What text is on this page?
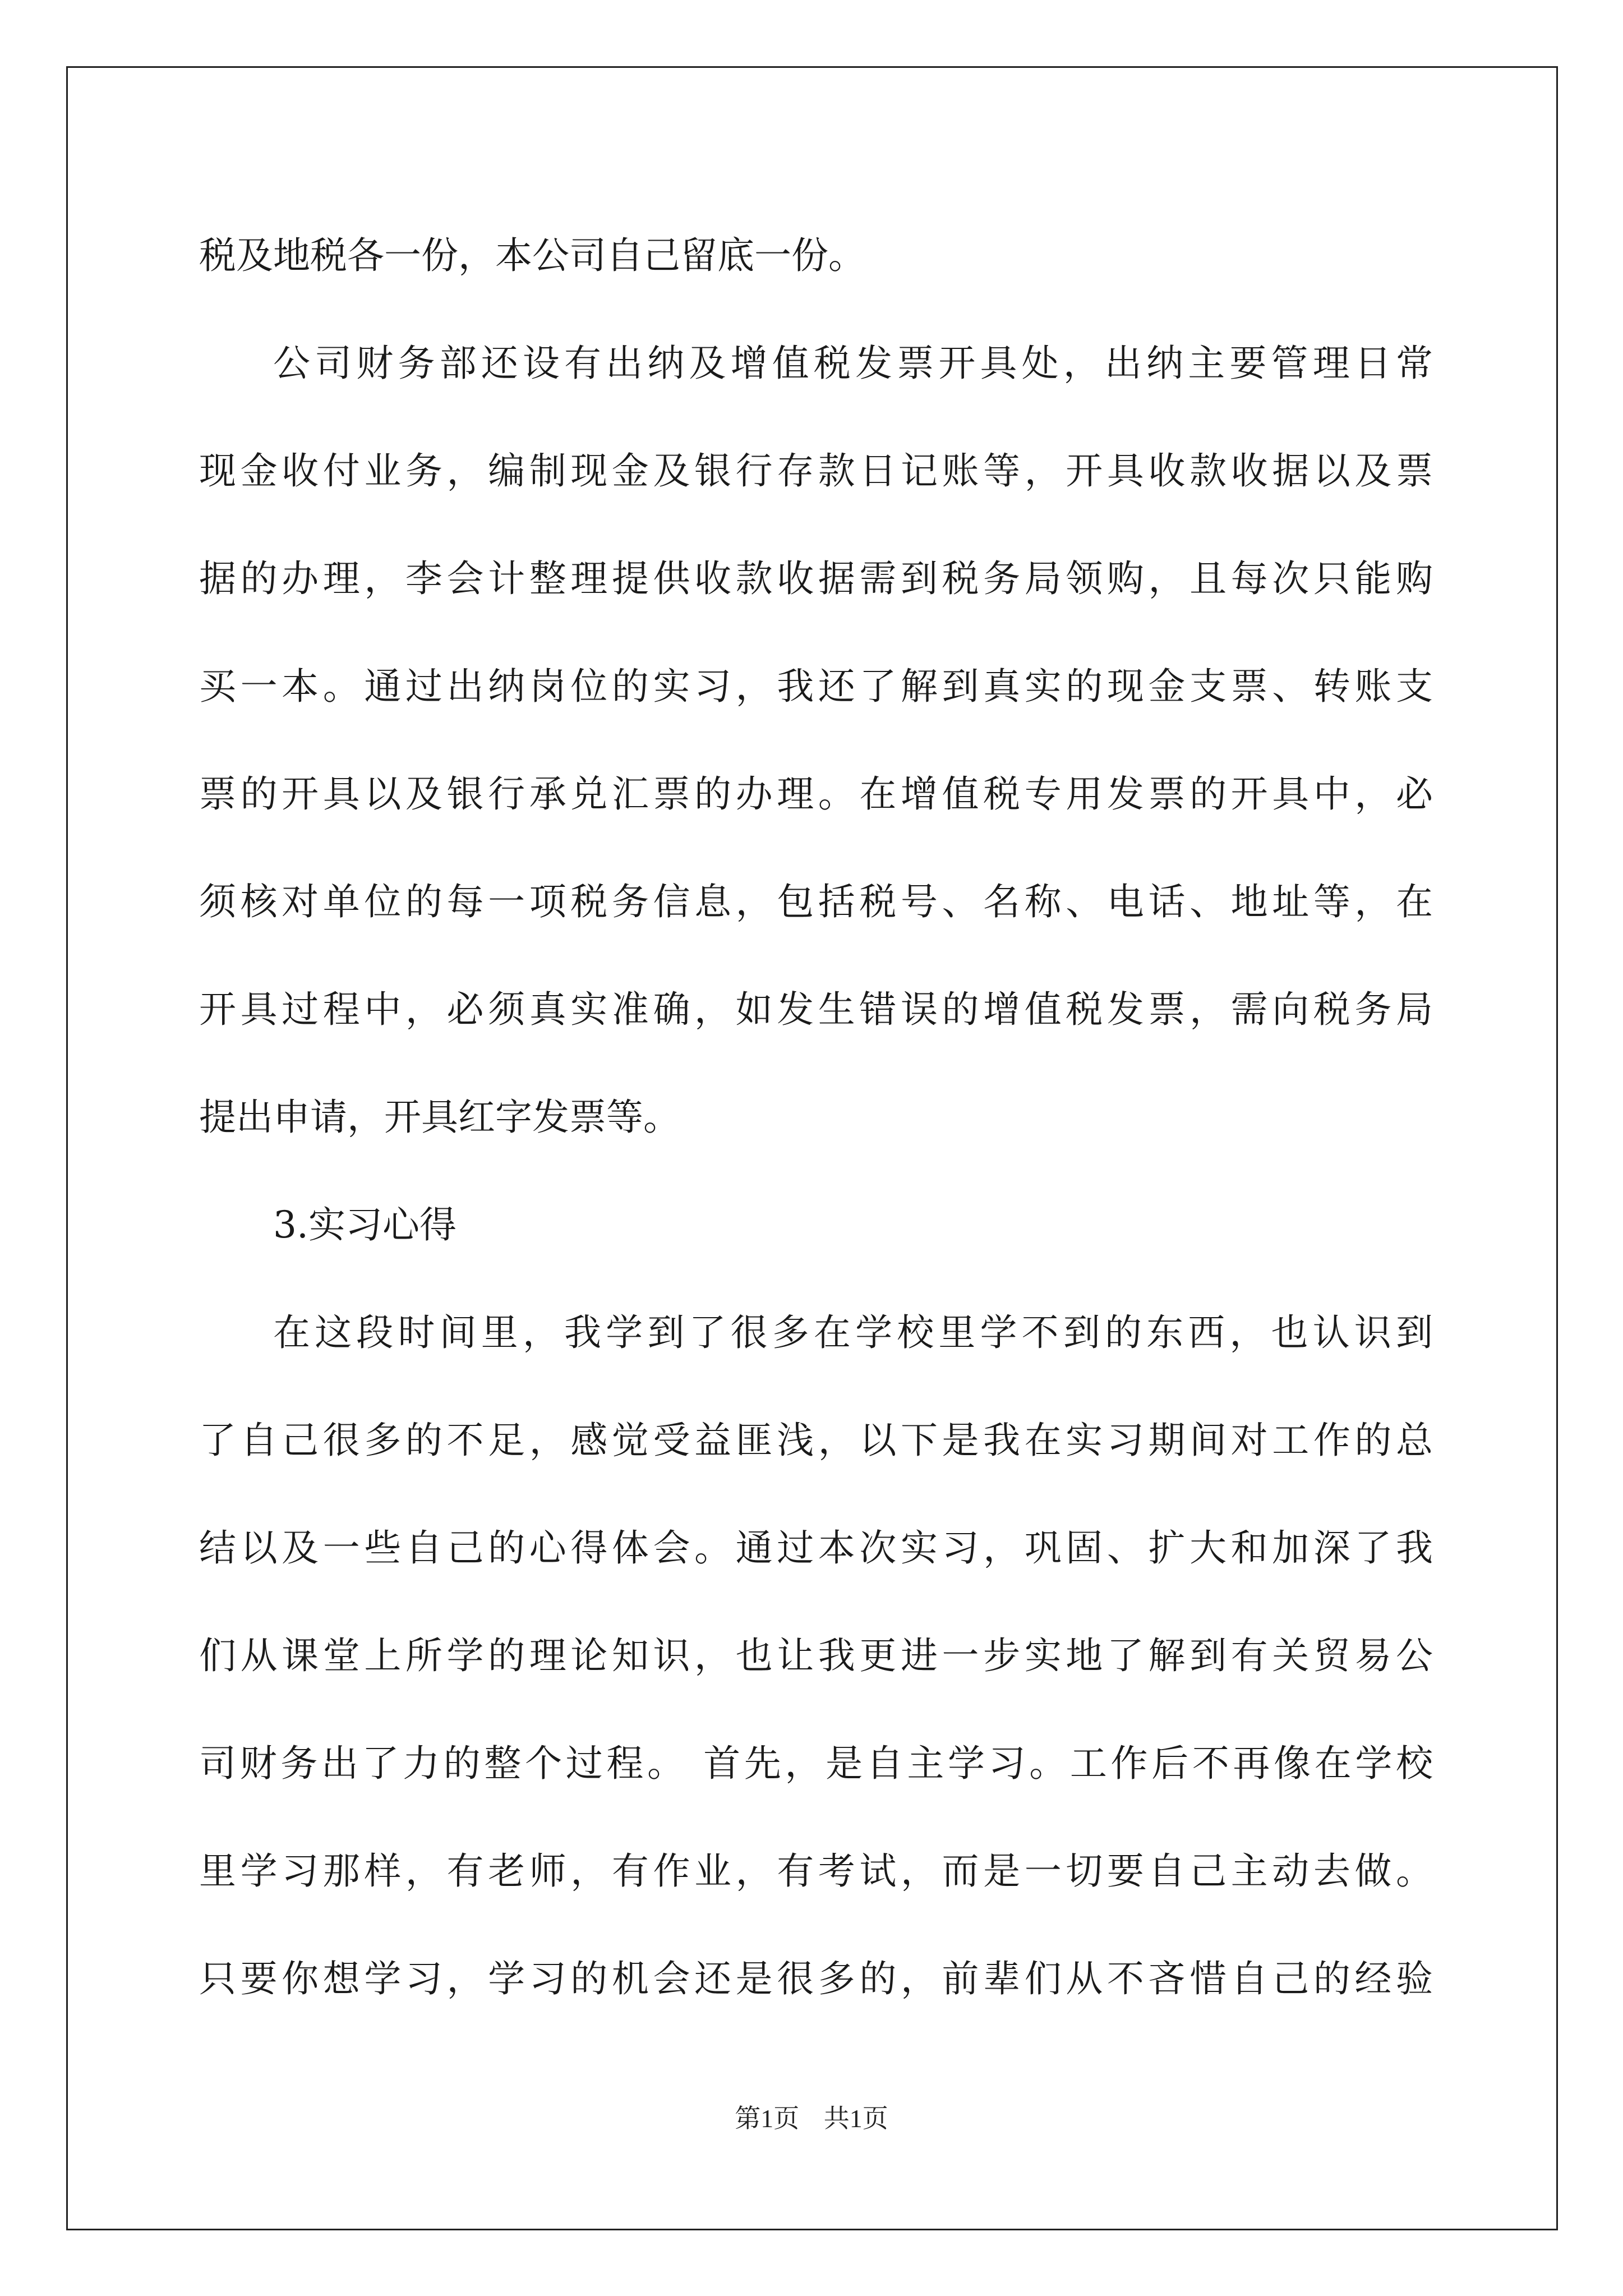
税及地税各一份，本公司自己留底一份。
公司财务部还设有出纳及增值税发票开具处，出纳主要管理日常
现金收付业务，编制现金及银行存款日记账等，开具收款收据以及票
据的办理，李会计整理提供收款收据需到税务局领购，且每次只能购
买一本。通过出纳岗位的实习，我还了解到真实的现金支票、转账支
票的开具以及银行承兑汇票的办理。在增值税专用发票的开具中，必
须核对单位的每一项税务信息，包括税号、名称、电话、地址等，在
开具过程中，必须真实准确，如发生错误的增值税发票，需向税务局
提出申请，开具红字发票等。
3.实习心得
在这段时间里，我学到了很多在学校里学不到的东西，也认识到
了自己很多的不足，感觉受益匪浅，以下是我在实习期间对工作的总
结以及一些自己的心得体会。通过本次实习，巩固、扩大和加深了我
们从课堂上所学的理论知识，也让我更进一步实地了解到有关贸易公
司财务出了力的整个过程。 首先，是自主学习。工作后不再像在学校
里学习那样，有老师，有作业，有考试，而是一切要自己主动去做。
只要你想学习，学习的机会还是很多的，前辈们从不吝惜自己的经验
第1页 共1页
